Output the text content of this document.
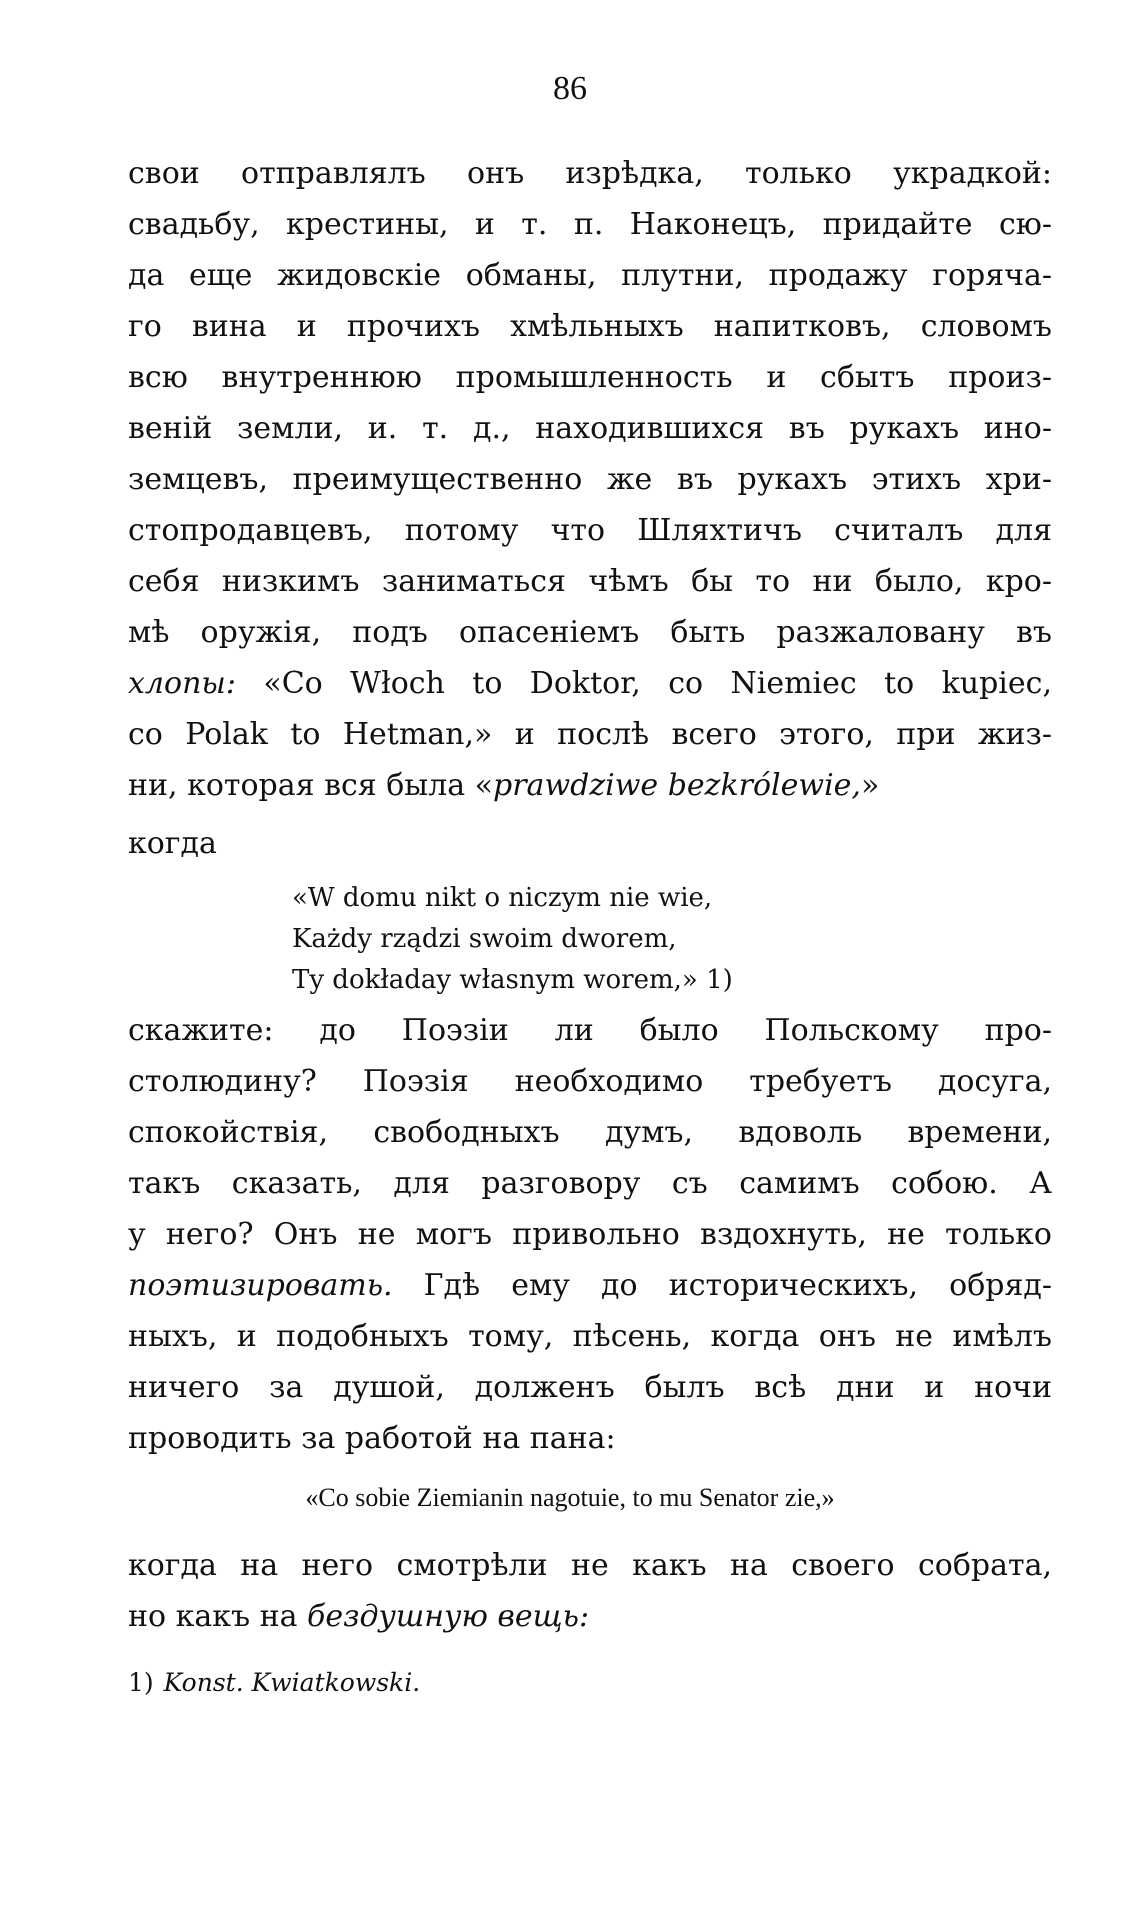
86
свои отправлялъ онъ изрѣдка, только украдкой:
свадьбу, крестины, и т. п. Наконецъ, придайте сю-
да еще жидовскіе обманы, плутни, продажу горяча-
го вина и прочихъ хмѣльныхъ напитковъ, словомъ
всю внутреннюю промышленность и сбытъ произ-
веній земли, и. т. д., находившихся въ рукахъ ино-
земцевъ, преимущественно же въ рукахъ этихъ хри-
стопродавцевъ, потому что Шляхтичъ считалъ для
себя низкимъ заниматься чѣмъ бы то ни было, кро-
мѣ оружія, подъ опасеніемъ быть разжаловану въ
хлопы: «Co Włoch to Doktor, co Niemiec to kupiec,
co Polak to Hetman,» и послѣ всего этого, при жиз-
ни, которая вся была «prawdziwe bezkrólewie,»
когда
«W domu nikt o niczym nie wie,
Każdy rządzi swoim dworem,
Ty dokładay własnym worem,» 1)
скажите: до Поэзіи ли было Польскому про-
столюдину? Поэзія необходимо требуетъ досуга,
спокойствія, свободныхъ думъ, вдоволь времени,
такъ сказать, для разговору съ самимъ собою. А
у него? Онъ не могъ привольно вздохнуть, не только
поэтизировать. Гдѣ ему до историческихъ, обряд-
ныхъ, и подобныхъ тому, пѣсень, когда онъ не имѣлъ
ничего за душой, долженъ былъ всѣ дни и ночи
проводить за работой на пана:
«Co sobie Ziemianin nagotuie, to mu Senator zie,»
когда на него смотрѣли не какъ на своего собрата,
но какъ на бездушную вещь:
1) Konst. Kwiatkowski.
